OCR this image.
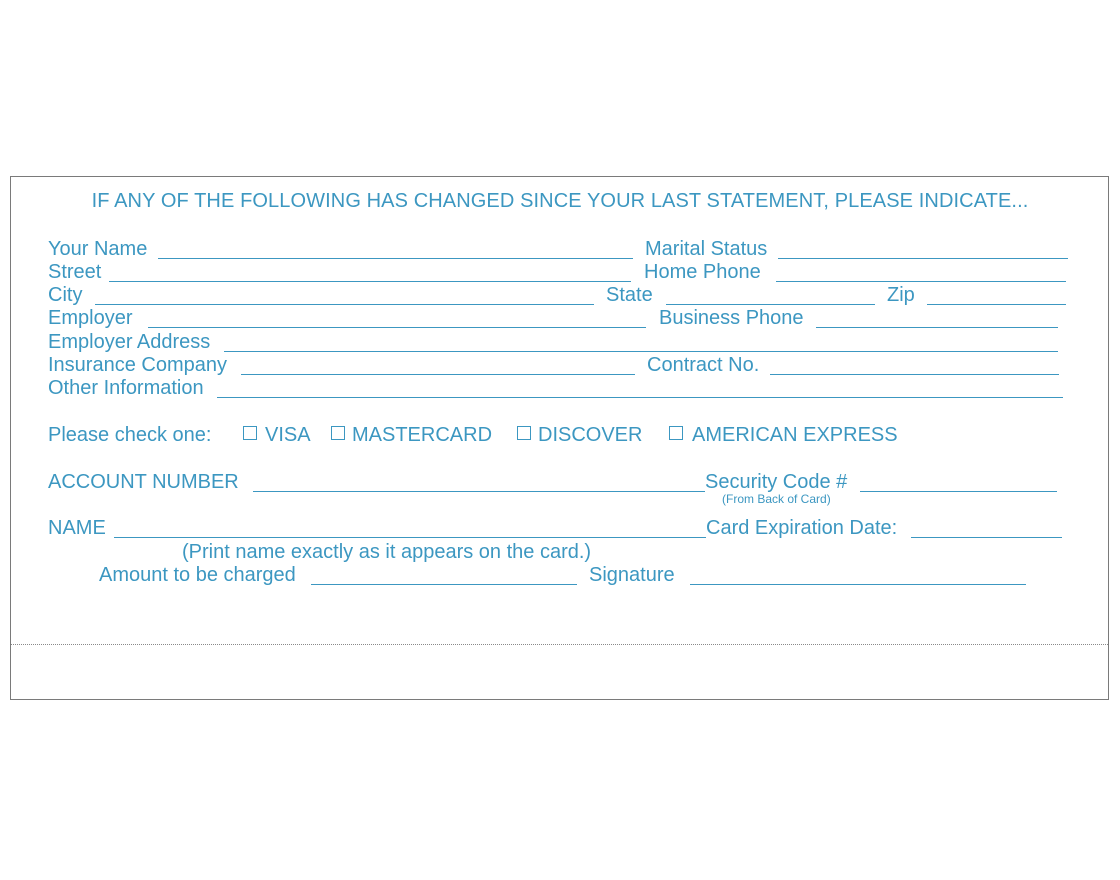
IF ANY OF THE FOLLOWING HAS CHANGED SINCE YOUR LAST STATEMENT, PLEASE INDICATE...
Your Name	Marital Status
Street	Home Phone
City	State	Zip
Employer	Business Phone
Employer Address
Insurance Company	Contract No.
Other Information
Please check one:	VISA MASTERCARD DISCOVER AMERICAN EXPRESS
ACCOUNT NUMBER	Security Code #
(From Back of Card)
NAME	Card Expiration Date:
(Print name exactly as it appears on the card.)
Amount to be charged	Signature
